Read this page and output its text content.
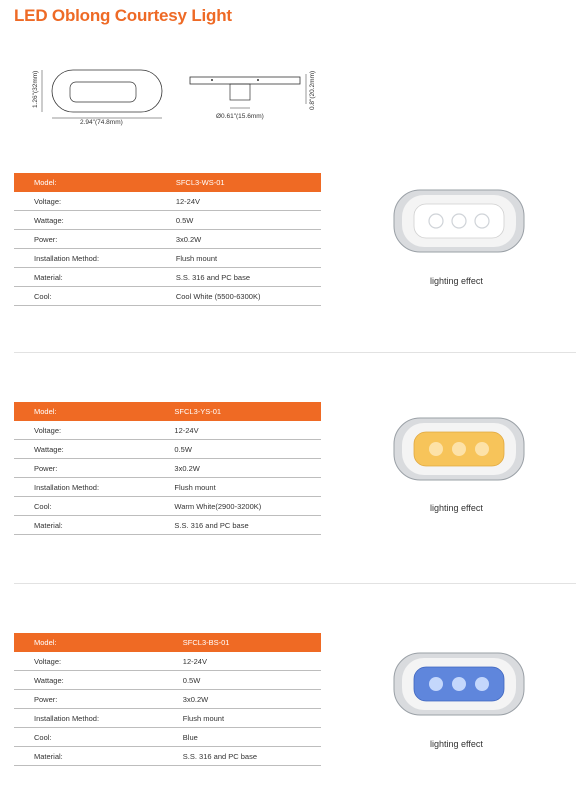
LED Oblong Courtesy Light
1.26"(32mm)
2.94"(74.8mm)
0.8"(20.2mm)
Ø0.61"(15.6mm)
Model:	SFCL3-WS-01
Voltage:	12-24V
Wattage:	0.5W
Power:	3x0.2W
Installation Method:	Flush mount
Material:	S.S. 316 and PC base
Cool:	Cool White (5500-6300K)
lighting effect
Model:	SFCL3-YS-01
Voltage:	12-24V
Wattage:	0.5W
Power:	3x0.2W
Installation Method:	Flush mount
Cool:	Warm White(2900-3200K)
Material:	S.S. 316 and PC base
lighting effect
Model:	SFCL3-BS-01
Voltage:	12-24V
Wattage:	0.5W
Power:	3x0.2W
Installation Method:	Flush mount
Cool:	Blue
Material:	S.S. 316 and PC base
lighting effect
